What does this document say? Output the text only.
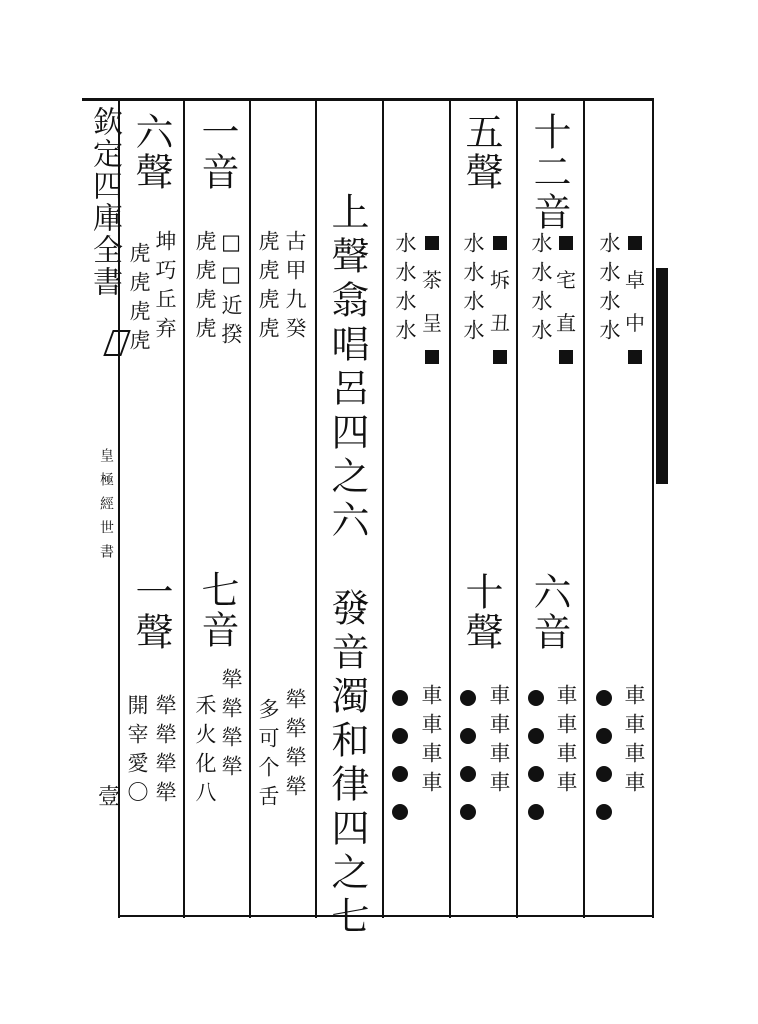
欽定四庫全書
皇極經世書
壹
上聲翕唱呂四之六
發音濁和律四之七
十二音
水水水水
宅
直
六音
車車車車
水水水水
卓
中
車車車車
五聲
水水水水
坼
丑
十聲
車車車車
水水水水
茶
呈
車車車車
古甲九癸
虎虎虎虎
犖犖犖犖
多可个舌
一音
□□近揆
虎虎虎虎
七音
犖犖犖犖
禾火化八
六聲
坤巧丘弃
虎虎虎虎
一聲
犖犖犖犖
開宰愛〇
